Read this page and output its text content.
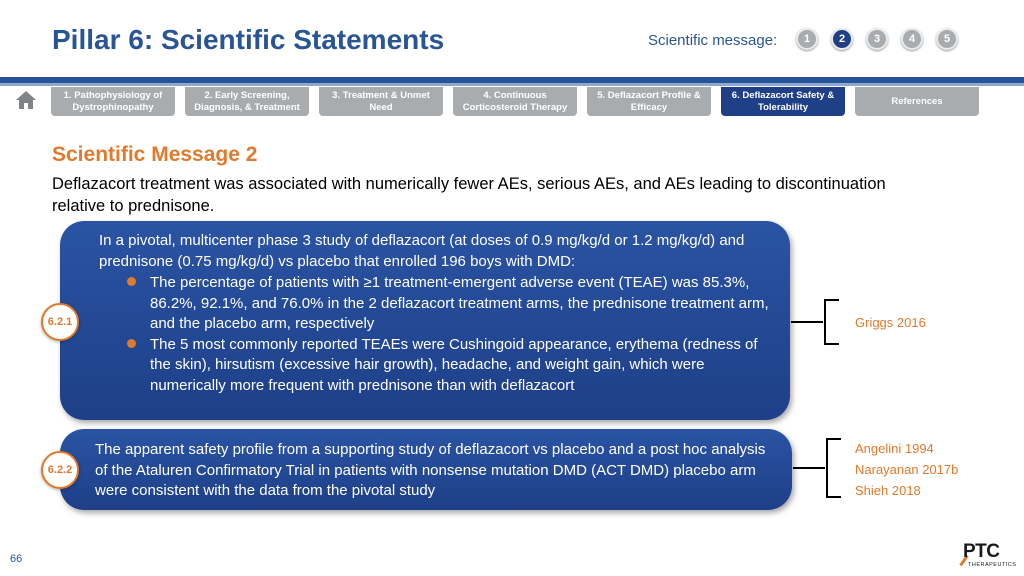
Pillar 6: Scientific Statements	Scientific message:	1	2	3	4	5
1. Pathophysiology of Dystrophinopathy
2. Early Screening, Diagnosis, & Treatment
3. Treatment & Unmet Need
4. Continuous Corticosteroid Therapy
5. Deflazacort Profile & Efficacy
6. Deflazacort Safety & Tolerability
References
Scientific Message 2
Deflazacort treatment was associated with numerically fewer AEs, serious AEs, and AEs leading to discontinuation relative to prednisone.
In a pivotal, multicenter phase 3 study of deflazacort (at doses of 0.9 mg/kg/d or 1.2 mg/kg/d) and prednisone (0.75 mg/kg/d) vs placebo that enrolled 196 boys with DMD:
The percentage of patients with ≥1 treatment-emergent adverse event (TEAE) was 85.3%, 86.2%, 92.1%, and 76.0% in the 2 deflazacort treatment arms, the prednisone treatment arm, and the placebo arm, respectively
The 5 most commonly reported TEAEs were Cushingoid appearance, erythema (redness of the skin), hirsutism (excessive hair growth), headache, and weight gain, which were numerically more frequent with prednisone than with deflazacort
6.2.1
The apparent safety profile from a supporting study of deflazacort vs placebo and a post hoc analysis of the Ataluren Confirmatory Trial in patients with nonsense mutation DMD (ACT DMD) placebo arm were consistent with the data from the pivotal study
6.2.2
Griggs 2016
Angelini 1994
Narayanan 2017b
Shieh 2018
66	PTC
THERAPEUTICS
